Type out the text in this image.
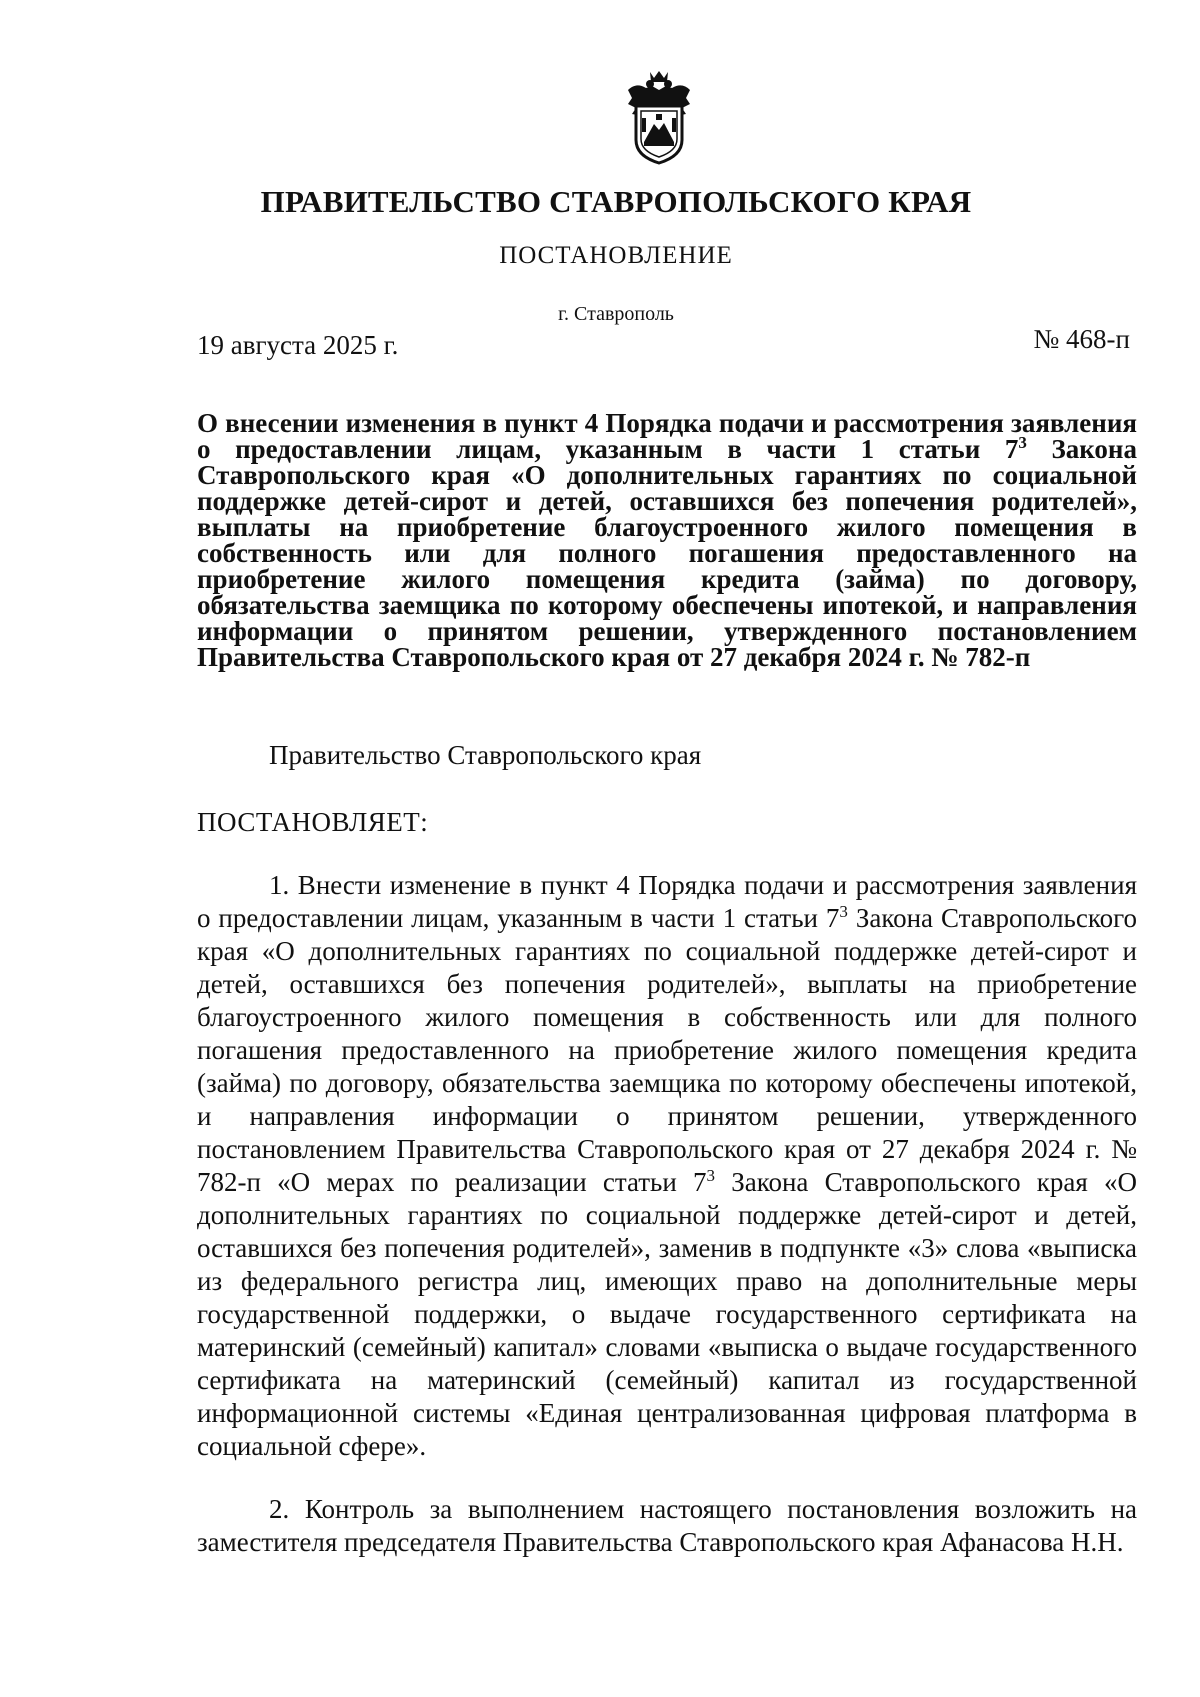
ПРАВИТЕЛЬСТВО СТАВРОПОЛЬСКОГО КРАЯ
ПОСТАНОВЛЕНИЕ
г. Ставрополь
19 августа 2025 г.	№ 468-п

О внесении изменения в пункт 4 Порядка подачи и рассмотрения заявления о предоставлении лицам, указанным в части 1 статьи $7^3$ Закона Ставропольского края «О дополнительных гарантиях по социальной поддержке детей-сирот и детей, оставшихся без попечения родителей», выплаты на приобретение благоустроенного жилого помещения в собственность или для полного погашения предоставленного на приобретение жилого помещения кредита (займа) по договору, обязательства заемщика по которому обеспечены ипотекой, и направления информации о принятом решении, утвержденного постановлением Правительства Ставропольского края от 27 декабря 2024 г. № 782-п

Правительство Ставропольского края
ПОСТАНОВЛЯЕТ:

1. Внести изменение в пункт 4 Порядка подачи и рассмотрения заявления о предоставлении лицам, указанным в части 1 статьи $7^3$ Закона Ставропольского края «О дополнительных гарантиях по социальной поддержке детей-сирот и детей, оставшихся без попечения родителей», выплаты на приобретение благоустроенного жилого помещения в собственность или для полного погашения предоставленного на приобретение жилого помещения кредита (займа) по договору, обязательства заемщика по которому обеспечены ипотекой, и направления информации о принятом решении, утвержденного постановлением Правительства Ставропольского края от 27 декабря 2024 г. № 782-п «О мерах по реализации статьи $7^3$ Закона Ставропольского края «О дополнительных гарантиях по социальной поддержке детей-сирот и детей, оставшихся без попечения родителей», заменив в подпункте «3» слова «выписка из федерального регистра лиц, имеющих право на дополнительные меры государственной поддержки, о выдаче государственного сертификата на материнский (семейный) капитал» словами «выписка о выдаче государственного сертификата на материнский (семейный) капитал из государственной информационной системы «Единая централизованная цифровая платформа в социальной сфере».

2. Контроль за выполнением настоящего постановления возложить на заместителя председателя Правительства Ставропольского края Афанасова Н.Н.
